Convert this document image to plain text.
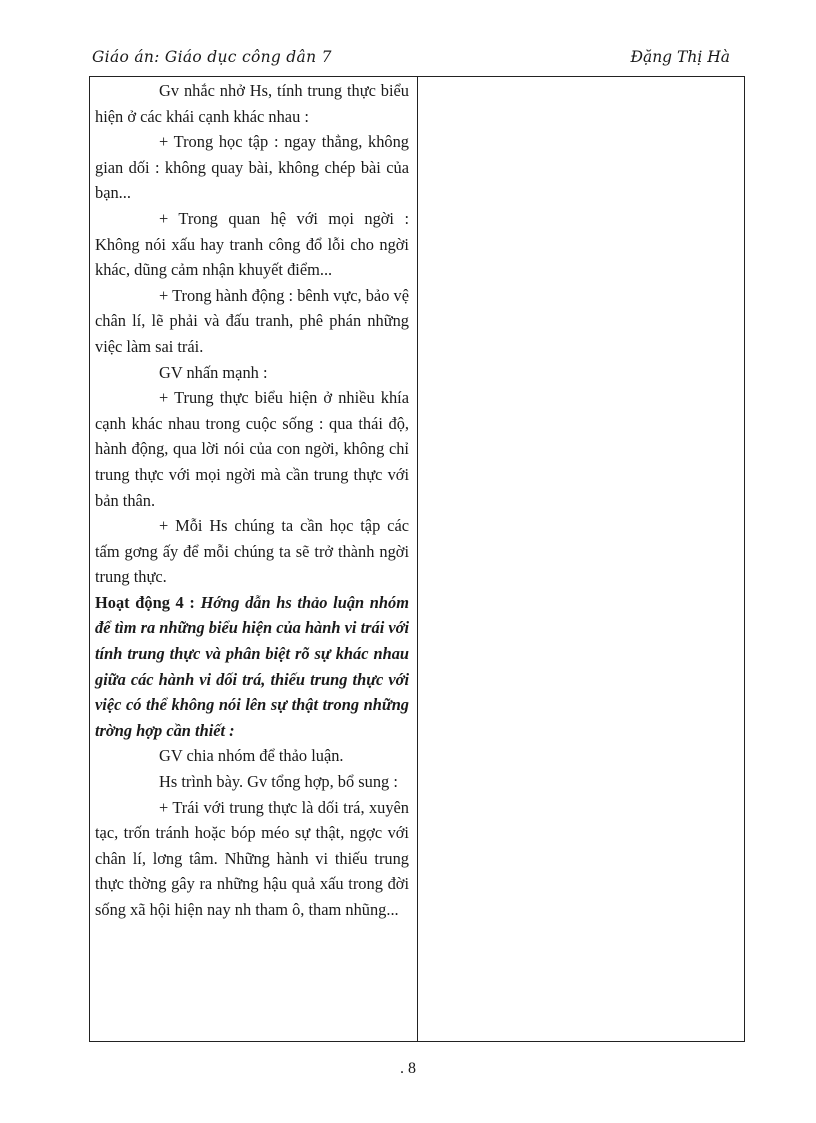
Giáo án: Giáo dục công dân 7	Đặng Thị Hà

Gv nhắc nhở Hs, tính trung thực biểu hiện ở các khái cạnh khác nhau :

+ Trong học tập : ngay thẳng, không gian dối : không quay bài, không chép bài của bạn...

+ Trong quan hệ với mọi ngời : Không nói xấu hay tranh công đổ lỗi cho ngời khác, dũng cảm nhận khuyết điểm...

+ Trong hành động : bênh vực, bảo vệ chân lí, lẽ phải và đấu tranh, phê phán những việc làm sai trái.

GV nhấn mạnh :

+ Trung thực biểu hiện ở nhiều khía cạnh khác nhau trong cuộc sống : qua thái độ, hành động, qua lời nói của con ngời, không chỉ trung thực với mọi ngời mà cần trung thực với bản thân.

+ Mỗi Hs chúng ta cần học tập các tấm gơng ấy để mỗi chúng ta sẽ trở thành ngời trung thực.

Hoạt động 4 : Hớng dẫn hs thảo luận nhóm để tìm ra những biểu hiện của hành vi trái với tính trung thực và phân biệt rõ sự khác nhau giữa các hành vi dối trá, thiếu trung thực với việc có thể không nói lên sự thật trong những trờng hợp cần thiết :

GV chia nhóm để thảo luận.

Hs trình bày. Gv tổng hợp, bổ sung :

+ Trái với trung thực là dối trá, xuyên tạc, trốn tránh hoặc bóp méo sự thật, ngợc với chân lí, lơng tâm. Những hành vi thiếu trung thực thờng gây ra những hậu quả xấu trong đời sống xã hội hiện nay nh tham ô, tham nhũng...

. 8
